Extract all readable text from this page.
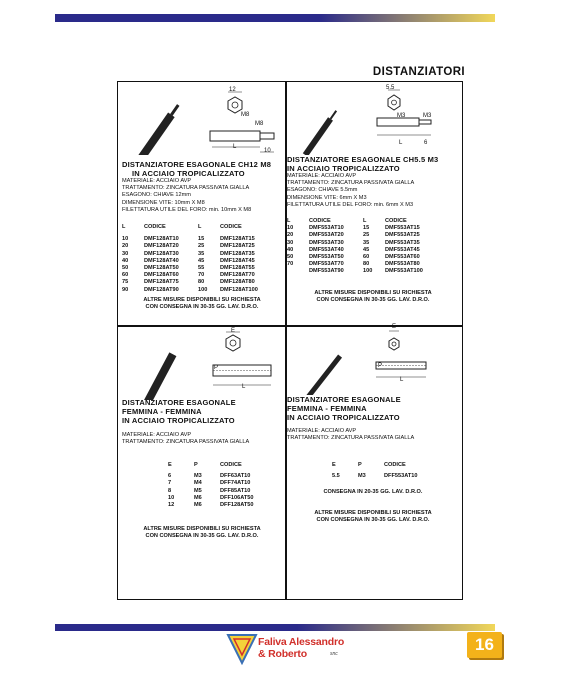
DISTANZIATORI
12
M8
M8
L
10
DISTANZIATORE ESAGONALE CH12 M8
IN ACCIAIO TROPICALIZZATO
MATERIALE: ACCIAIO AVP
TRATTAMENTO: ZINCATURA PASSIVATA GIALLA
ESAGONO: CHIAVE 12mm
DIMENSIONE VITE: 10mm X M8
FILETTATURA UTILE DEL FORO: min. 10mm X M8
L	CODICE	L	CODICE

10	DMF128AT10	15	DMF128AT15
20	DMF128AT20	25	DMF128AT25
30	DMF128AT30	35	DMF128AT35
40	DMF128AT40	45	DMF128AT45
50	DMF128AT50	55	DMF128AT55
60	DMF128AT60	70	DMF128AT70
75	DMF128AT75	80	DMF128AT80
90	DMF128AT90	100	DMF128AT100
ALTRE MISURE DISPONIBILI SU RICHIESTA
CON CONSEGNA IN 30-35 GG. LAV. D.R.O.
5.5
M3	M3
L	6
DISTANZIATORE ESAGONALE CH5.5 M3
IN ACCIAIO TROPICALIZZATO
MATERIALE: ACCIAIO AVP
TRATTAMENTO: ZINCATURA PASSIVATA GIALLA
ESAGONO: CHIAVE 5.5mm
DIMENSIONE VITE: 6mm X M3
FILETTATURA UTILE DEL FORO: min. 6mm X M3
L	CODICE	L	CODICE
10	DMF553AT10	15	DMF553AT15
20	DMF553AT20	25	DMF553AT25
30	DMF553AT30	35	DMF553AT35
40	DMF553AT40	45	DMF553AT45
50	DMF553AT50	60	DMF553AT60
70	DMF553AT70	80	DMF553AT80
	DMF553AT90	100	DMF553AT100
ALTRE MISURE DISPONIBILI SU RICHIESTA
CON CONSEGNA IN 30-35 GG. LAV. D.R.O.
E
P
L
DISTANZIATORE ESAGONALE
FEMMINA - FEMMINA
IN ACCIAIO TROPICALIZZATO
MATERIALE: ACCIAIO AVP
TRATTAMENTO: ZINCATURA PASSIVATA GIALLA
E	P	CODICE

6	M3	DFF63AT10
7	M4	DFF74AT10
8	M5	DFF85AT10
10	M6	DFF106AT50
12	M6	DFF128AT50
ALTRE MISURE DISPONIBILI SU RICHIESTA
CON CONSEGNA IN 30-35 GG. LAV. D.R.O.
E
P
L
DISTANZIATORE ESAGONALE
FEMMINA - FEMMINA
IN ACCIAIO TROPICALIZZATO
MATERIALE: ACCIAIO AVP
TRATTAMENTO: ZINCATURA PASSIVATA GIALLA
E	P	CODICE

5.5	M3	DFF553AT10
CONSEGNA IN 20-35 GG. LAV. D.R.O.
ALTRE MISURE DISPONIBILI SU RICHIESTA
CON CONSEGNA IN 30-35 GG. LAV. D.R.O.
Faliva Alessandro
& Roberto	snc	16
